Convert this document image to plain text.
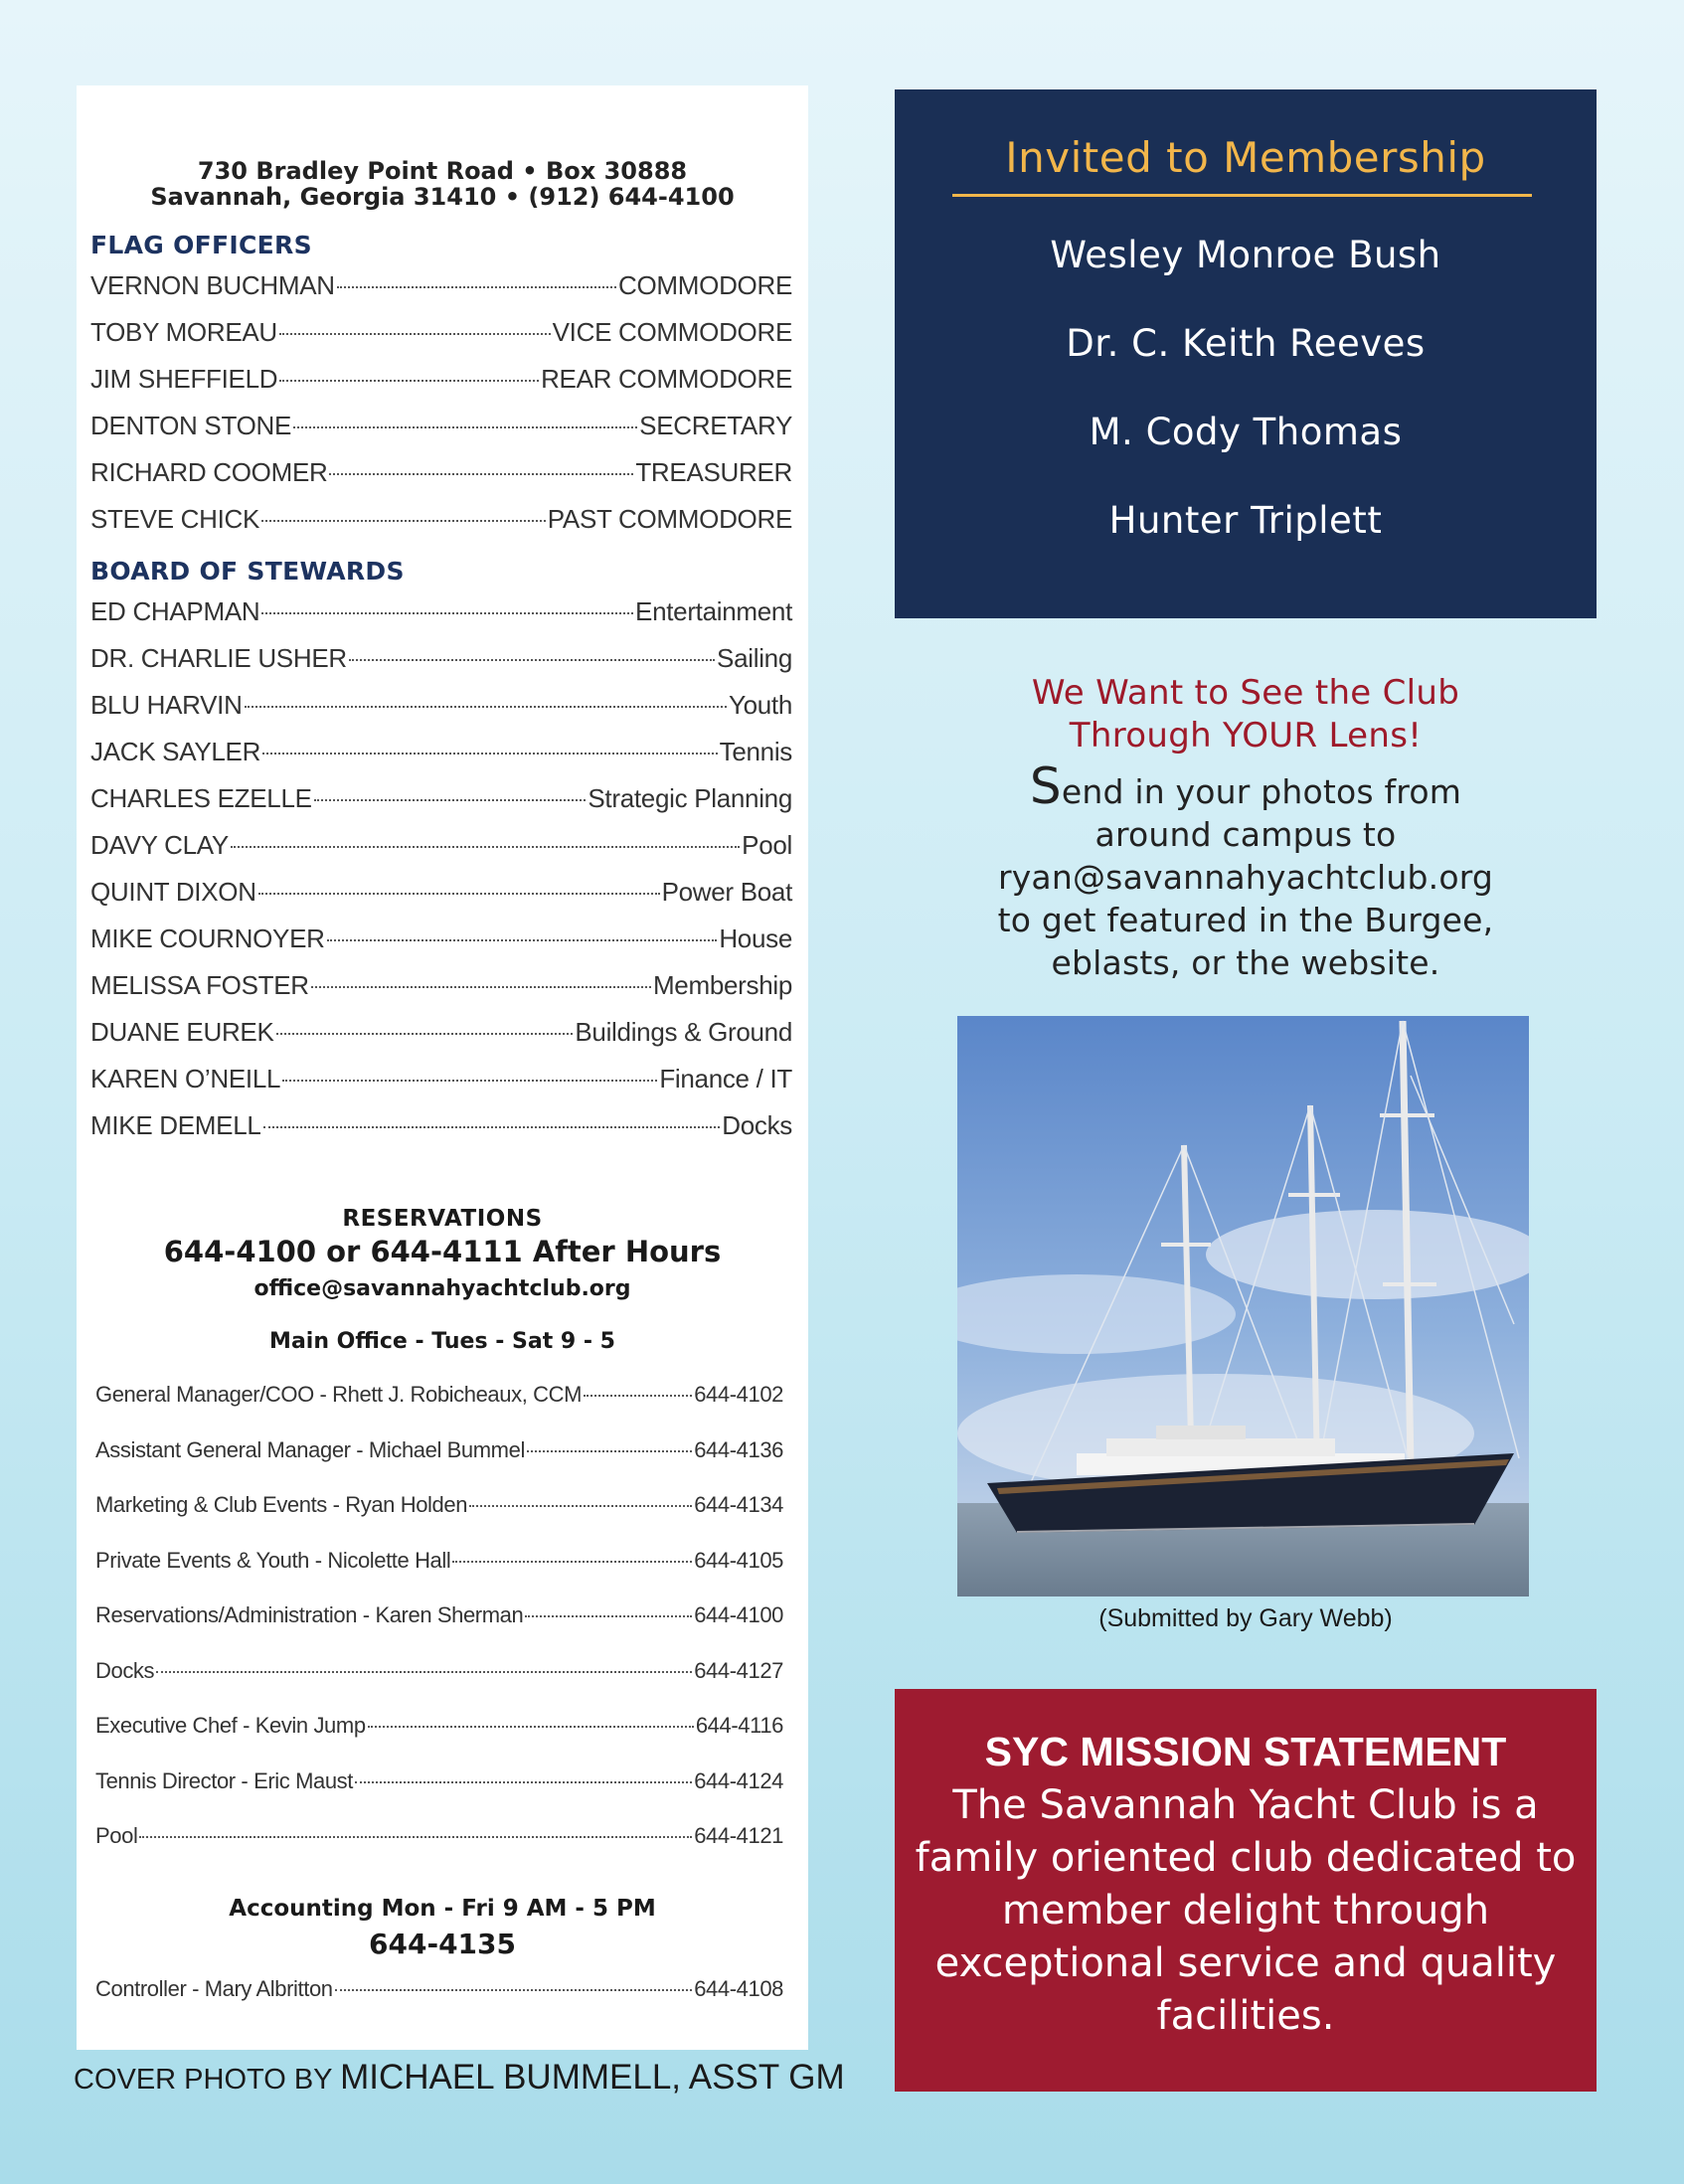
730 Bradley Point Road • Box 30888
Savannah, Georgia 31410 • (912) 644-4100
FLAG OFFICERS
VERNON BUCHMAN	COMMODORE
TOBY MOREAU	VICE COMMODORE
JIM SHEFFIELD	REAR COMMODORE
DENTON STONE	SECRETARY
RICHARD COOMER	TREASURER
STEVE CHICK	PAST COMMODORE
BOARD OF STEWARDS
ED CHAPMAN	Entertainment
DR. CHARLIE USHER	Sailing
BLU HARVIN	Youth
JACK SAYLER	Tennis
CHARLES EZELLE	Strategic Planning
DAVY CLAY	Pool
QUINT DIXON	Power Boat
MIKE COURNOYER	House
MELISSA FOSTER	Membership
DUANE EUREK	Buildings & Ground
KAREN O’NEILL	Finance / IT
MIKE DEMELL	Docks
RESERVATIONS
644-4100 or 644-4111 After Hours
office@savannahyachtclub.org
Main Office - Tues - Sat 9 - 5
General Manager/COO - Rhett J. Robicheaux, CCM	644-4102
Assistant General Manager - Michael Bummel	644-4136
Marketing & Club Events - Ryan Holden	644-4134
Private Events & Youth - Nicolette Hall	644-4105
Reservations/Administration - Karen Sherman	644-4100
Docks	644-4127
Executive Chef - Kevin Jump	644-4116
Tennis Director - Eric Maust	644-4124
Pool	644-4121
Accounting Mon - Fri 9 AM - 5 PM
644-4135
Controller - Mary Albritton	644-4108
COVER PHOTO BY MICHAEL BUMMELL, ASST GM
Invited to Membership
Wesley Monroe Bush
Dr. C. Keith Reeves
M. Cody Thomas
Hunter Triplett
We Want to See the Club
Through YOUR Lens!
Send in your photos from
around campus to
ryan@savannahyachtclub.org
to get featured in the Burgee,
eblasts, or the website.
(Submitted by Gary Webb)
SYC MISSION STATEMENT

The Savannah Yacht Club is a family oriented club dedicated to member delight through exceptional service and quality facilities.
